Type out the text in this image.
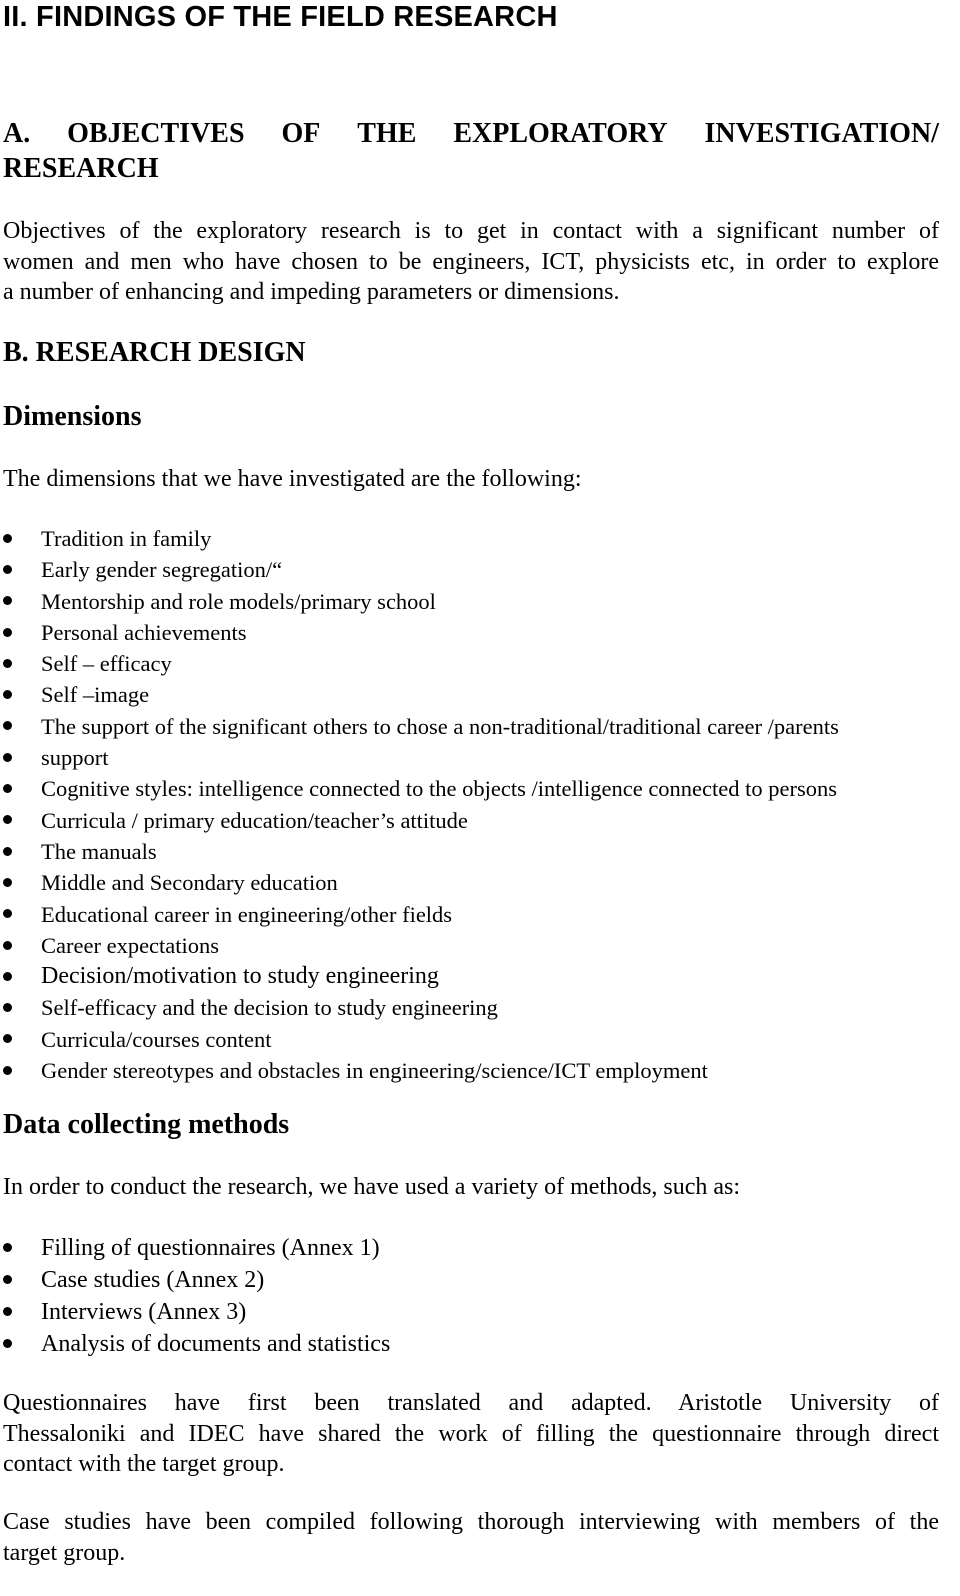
II. FINDINGS OF THE FIELD RESEARCH
A. OBJECTIVES OF THE EXPLORATORY INVESTIGATION/
RESEARCH
Objectives of the exploratory research is to get in contact with a significant number of
women and men who have chosen to be engineers, ICT, physicists etc, in order to explore
a number of enhancing and impeding parameters or dimensions.
B. RESEARCH DESIGN
Dimensions

The dimensions that we have investigated are the following:

Tradition in family
Early gender segregation/“
Mentorship and role models/primary school
Personal achievements
Self – efficacy
Self –image
The support of the significant others to chose a non-traditional/traditional career /parents
support
Cognitive styles: intelligence connected to the objects /intelligence connected to persons
Curricula / primary education/teacher’s attitude
The manuals
Middle and Secondary education
Educational career in engineering/other fields
Career expectations
Decision/motivation to study engineering
Self-efficacy and the decision to study engineering
Curricula/courses content
Gender stereotypes and obstacles in engineering/science/ICT employment
Data collecting methods

In order to conduct the research, we have used a variety of methods, such as:

Filling of questionnaires (Annex 1)
Case studies (Annex 2)
Interviews (Annex 3)
Analysis of documents and statistics
Questionnaires have first been translated and adapted. Aristotle University of
Thessaloniki and IDEC have shared the work of filling the questionnaire through direct
contact with the target group.
Case studies have been compiled following thorough interviewing with members of the
target group.
